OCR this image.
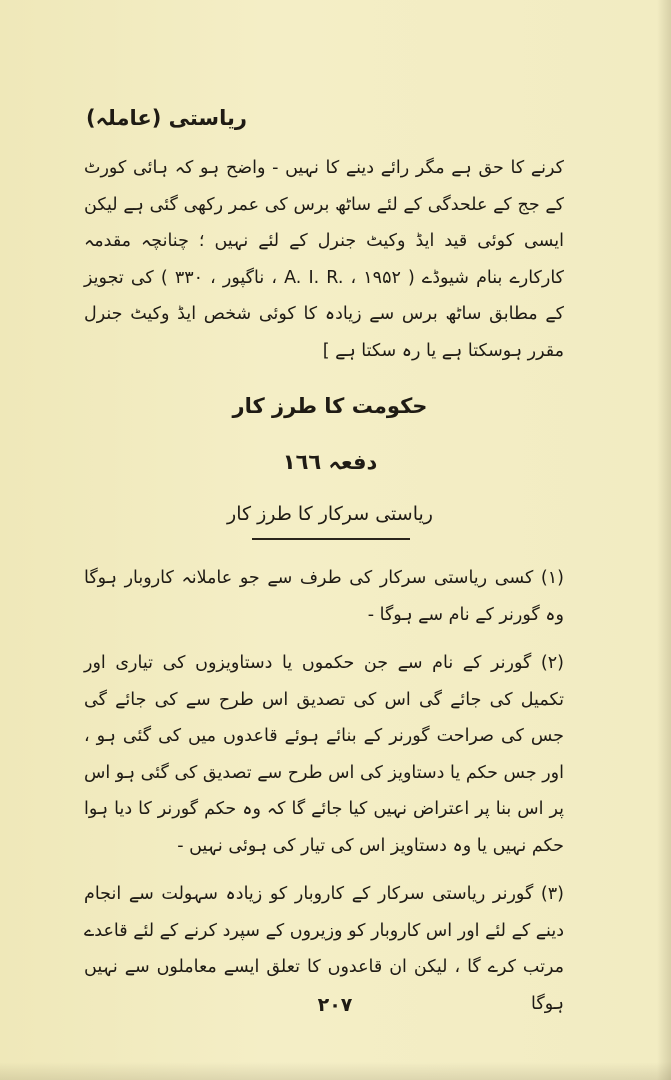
ریاستی (عاملہ)
کرنے کا حق ہے مگر رائے دینے کا نہیں - واضح ہو کہ ہائی کورٹ کے جج کے علحدگی کے لئے ساٹھ برس کی عمر رکھی گئی ہے لیکن ایسی کوئی قید ایڈ وکیٹ جنرل کے لئے نہیں ؛ چنانچہ مقدمہ کارکارے بنام شیوڈے ( A. I. R. ، ۱۹۵۲ ، ناگپور ، ۳۳۰ ) کی تجویز کے مطابق ساٹھ برس سے زیادہ کا کوئی شخص ایڈ وکیٹ جنرل مقرر ہوسکتا ہے یا رہ سکتا ہے ]
حکومت کا طرز کار
دفعہ ۱٦٦
ریاستی سرکار کا طرز کار
(۱) کسی ریاستی سرکار کی طرف سے جو عاملانہ کاروبار ہوگا وہ گورنر کے نام سے ہوگا -
(۲) گورنر کے نام سے جن حکموں یا دستاویزوں کی تیاری اور تکمیل کی جائے گی اس کی تصدیق اس طرح سے کی جائے گی جس کی صراحت گورنر کے بنائے ہوئے قاعدوں میں کی گئی ہو ، اور جس حکم یا دستاویز کی اس طرح سے تصدیق کی گئی ہو اس پر اس بنا پر اعتراض نہیں کیا جائے گا کہ وہ حکم گورنر کا دیا ہوا حکم نہیں یا وہ دستاویز اس کی تیار کی ہوئی نہیں -
(۳) گورنر ریاستی سرکار کے کاروبار کو زیادہ سہولت سے انجام دینے کے لئے اور اس کاروبار کو وزیروں کے سپرد کرنے کے لئے قاعدے مرتب کرے گا ، لیکن ان قاعدوں کا تعلق ایسے معاملوں سے نہیں ہوگا
۲۰۷
